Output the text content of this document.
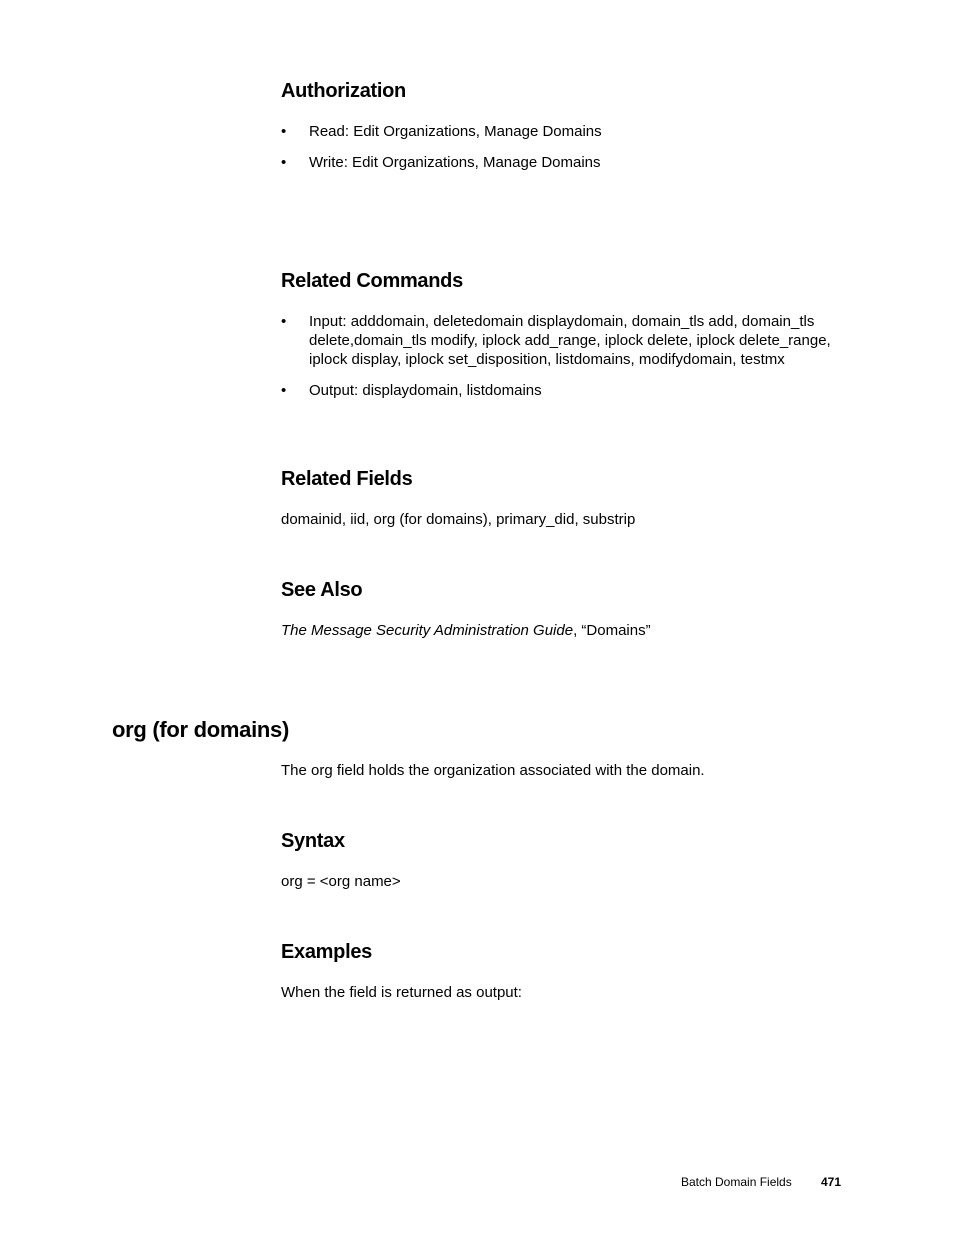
Authorization
• Read: Edit Organizations, Manage Domains
• Write: Edit Organizations, Manage Domains
Related Commands
• Input: adddomain, deletedomain displaydomain, domain_tls add, domain_tls delete,domain_tls modify, iplock add_range, iplock delete, iplock delete_range, iplock display, iplock set_disposition, listdomains, modifydomain, testmx
• Output: displaydomain, listdomains
Related Fields

domainid, iid, org (for domains), primary_did, substrip

See Also

The Message Security Administration Guide, “Domains”

org (for domains)

The org field holds the organization associated with the domain.

Syntax

org = <org name>

Examples

When the field is returned as output:

Batch Domain Fields 471
